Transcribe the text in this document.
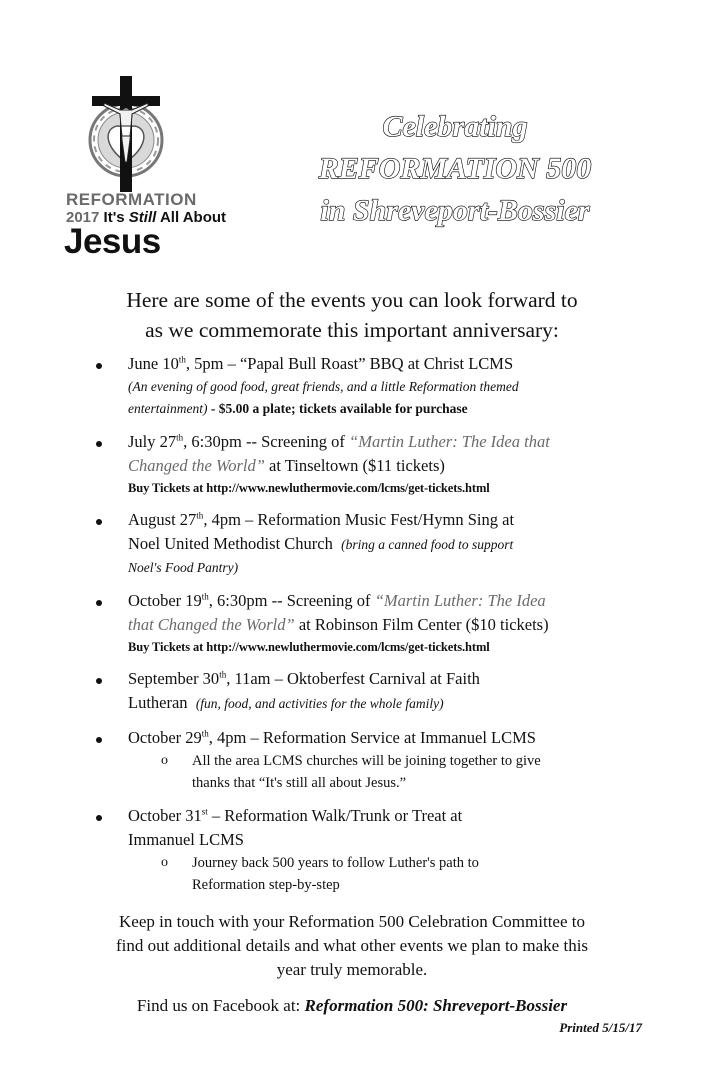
REFORMATION
2017 It's Still All About
Jesus
Celebrating
REFORMATION 500
in Shreveport-Bossier
Here are some of the events you can look forward to
as we commemorate this important anniversary:
June 10th, 5pm – “Papal Bull Roast” BBQ at Christ LCMS
(An evening of good food, great friends, and a little Reformation themed
entertainment) - $5.00 a plate; tickets available for purchase
July 27th, 6:30pm -- Screening of “Martin Luther: The Idea that
Changed the World” at Tinseltown ($11 tickets)
Buy Tickets at http://www.newluthermovie.com/lcms/get-tickets.html
August 27th, 4pm – Reformation Music Fest/Hymn Sing at
Noel United Methodist Church (bring a canned food to support
Noel's Food Pantry)
October 19th, 6:30pm -- Screening of “Martin Luther: The Idea
that Changed the World” at Robinson Film Center ($10 tickets)
Buy Tickets at http://www.newluthermovie.com/lcms/get-tickets.html
September 30th, 11am – Oktoberfest Carnival at Faith
Lutheran (fun, food, and activities for the whole family)
October 29th, 4pm – Reformation Service at Immanuel LCMS
o All the area LCMS churches will be joining together to give
thanks that “It's still all about Jesus.”
October 31st – Reformation Walk/Trunk or Treat at
Immanuel LCMS
o Journey back 500 years to follow Luther's path to
Reformation step-by-step
Keep in touch with your Reformation 500 Celebration Committee to
find out additional details and what other events we plan to make this
year truly memorable.
Find us on Facebook at: Reformation 500: Shreveport-Bossier
Printed 5/15/17
